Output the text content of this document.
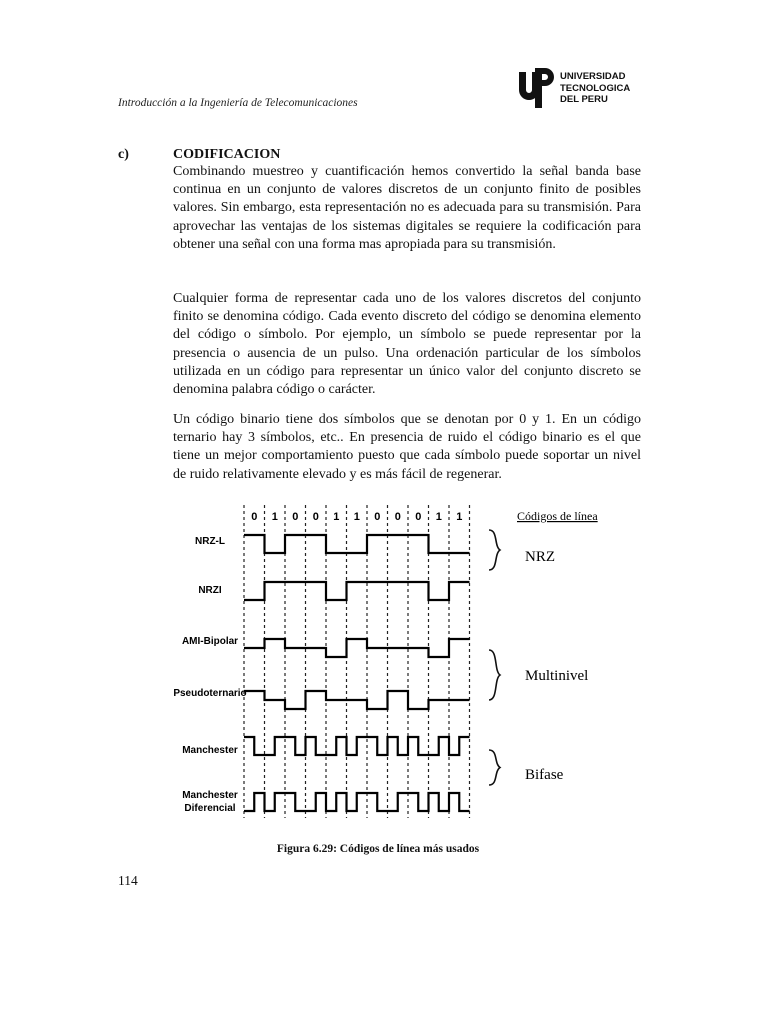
Introducción a la Ingeniería de Telecomunicaciones
UNIVERSIDAD
TECNOLOGICA
DEL PERU
c)	CODIFICACION

Combinando muestreo y cuantificación hemos convertido la señal banda base continua en un conjunto de valores discretos de un conjunto finito de posibles valores. Sin embargo, esta representación no es adecuada para su transmisión. Para aprovechar las ventajas de los sistemas digitales se requiere la codificación para obtener una señal con una forma mas apropiada para su transmisión.

Cualquier forma de representar cada uno de los valores discretos del conjunto finito se denomina código. Cada evento discreto del código se denomina elemento del código o símbolo. Por ejemplo, un símbolo se puede representar por la presencia o ausencia de un pulso. Una ordenación particular de los símbolos utilizada en un código para representar un único valor del conjunto discreto se denomina palabra código o carácter.

Un código binario tiene dos símbolos que se denotan por 0 y 1. En un código ternario hay 3 símbolos, etc.. En presencia de ruido el código binario es el que tiene un mejor comportamiento puesto que cada símbolo puede soportar un nivel de ruido relativamente elevado y es más fácil de regenerar.

0 1 0 0 1 1 0 0 0 1 1	Códigos de línea
NRZ-L
NRZI
AMI-Bipolar
Pseudoternario
Manchester
Manchester Diferencial
NRZ
Multinivel
Bifase
Figura 6.29: Códigos de línea más usados
114
